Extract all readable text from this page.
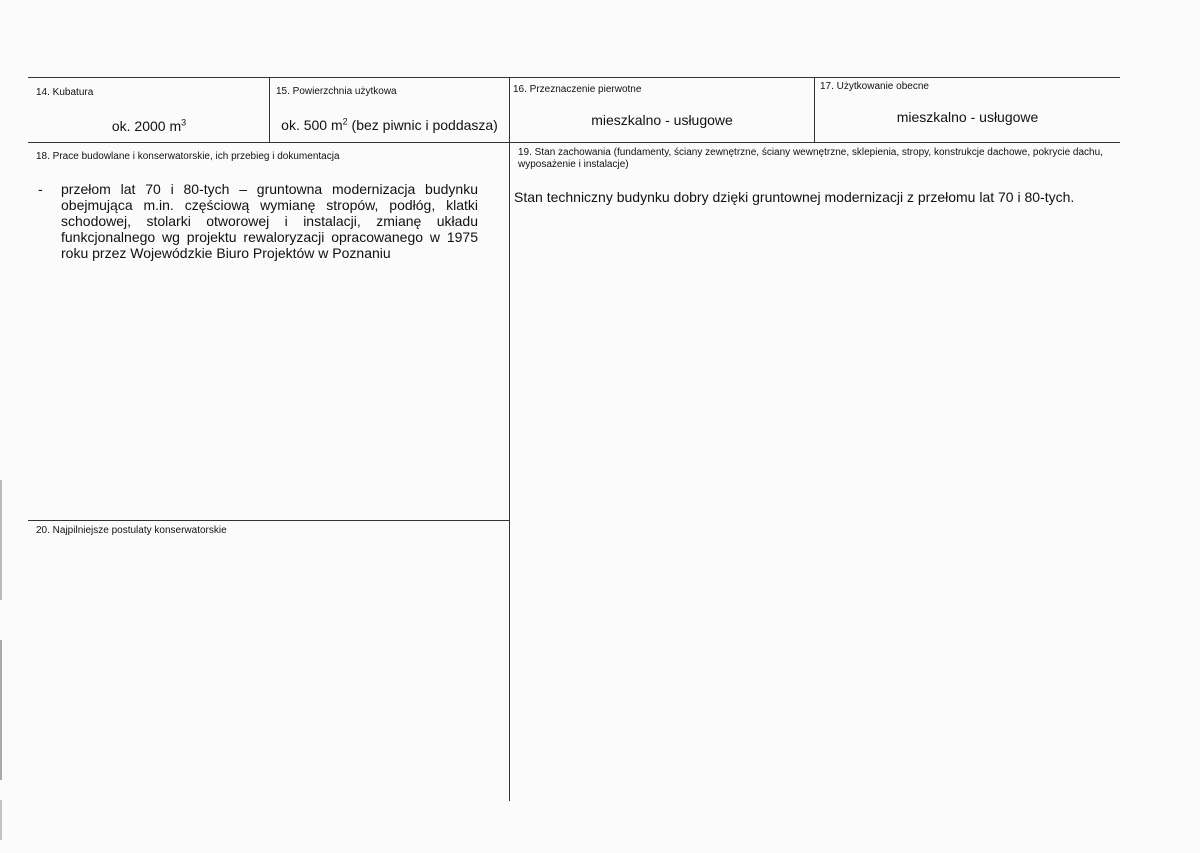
14. Kubatura
ok. 2000 $m^3$
15. Powierzchnia użytkowa
ok. 500 $m^2$ (bez piwnic i poddasza)
16. Przeznaczenie pierwotne
mieszkalno - usługowe
17. Użytkowanie obecne
mieszkalno - usługowe
18. Prace budowlane i konserwatorskie, ich przebieg i dokumentacja
- przełom lat 70 i 80-tych – gruntowna modernizacja budynku obejmująca m.in. częściową wymianę stropów, podłóg, klatki schodowej, stolarki otworowej i instalacji, zmianę układu funkcjonalnego wg projektu rewaloryzacji opracowanego w 1975 roku przez Wojewódzkie Biuro Projektów w Poznaniu
19. Stan zachowania (fundamenty, ściany zewnętrzne, ściany wewnętrzne, sklepienia, stropy, konstrukcje dachowe, pokrycie dachu, wyposażenie i instalacje)
Stan techniczny budynku dobry dzięki gruntownej modernizacji z przełomu lat 70 i 80-tych.
20. Najpilniejsze postulaty konserwatorskie
